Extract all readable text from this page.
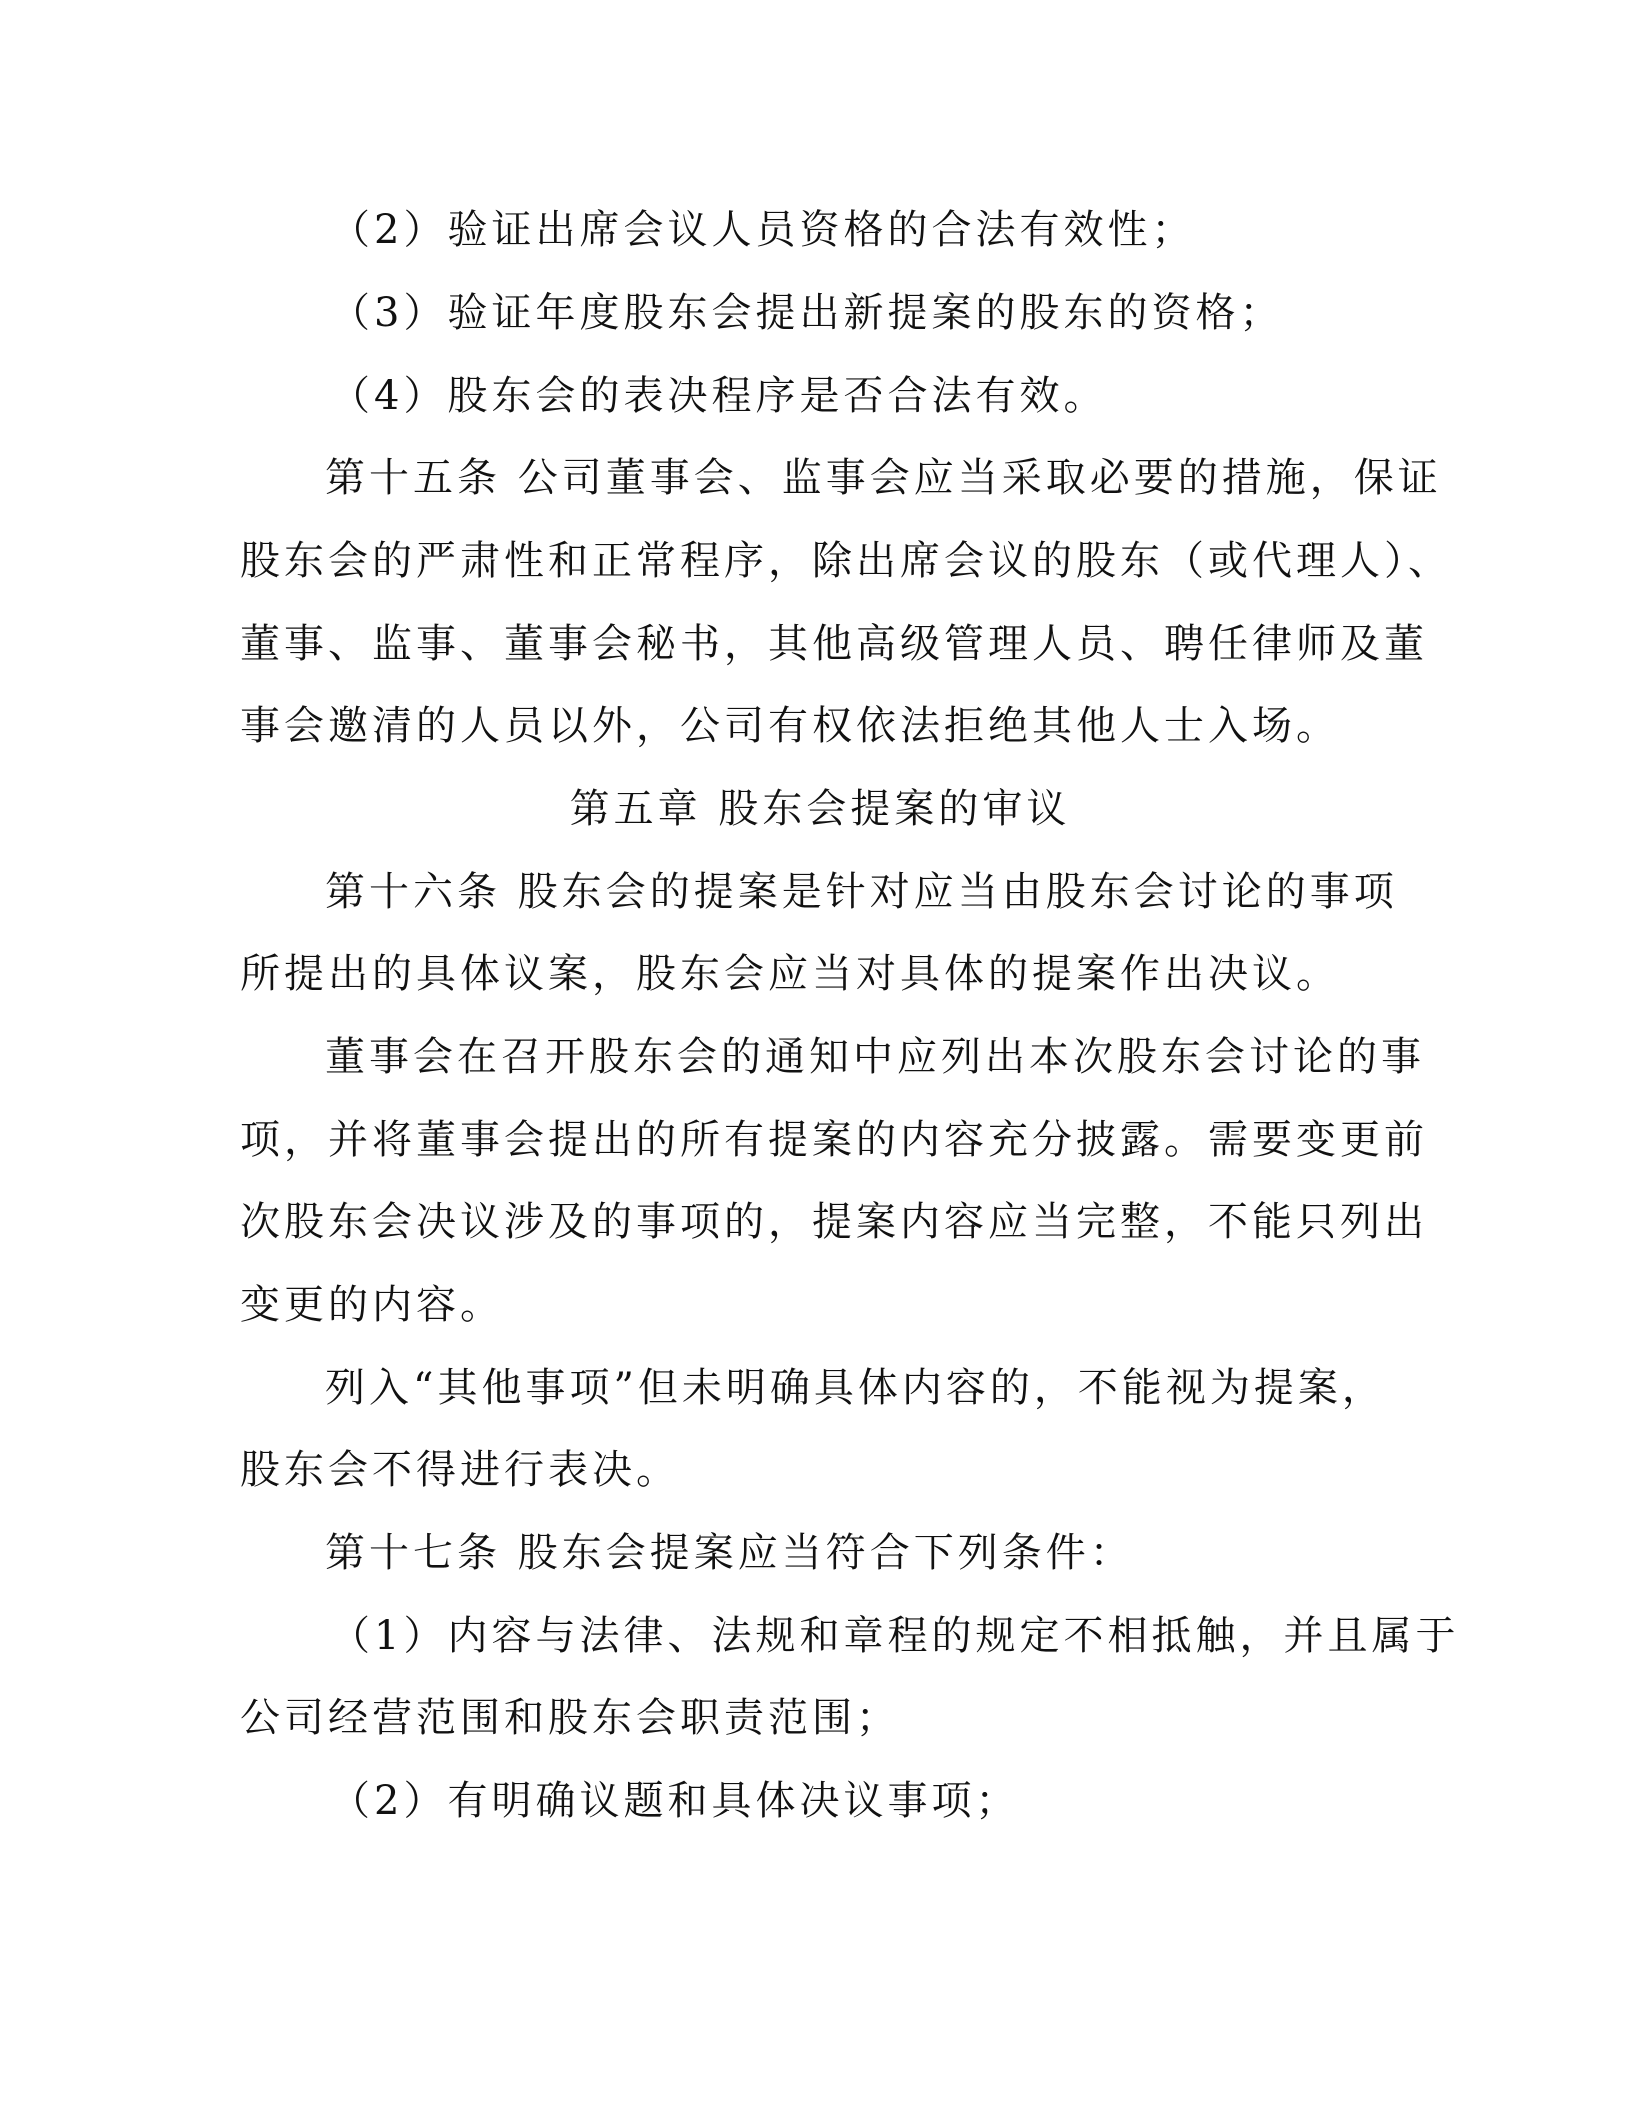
（2）验证出席会议人员资格的合法有效性；
（3）验证年度股东会提出新提案的股东的资格；
（4）股东会的表决程序是否合法有效。
第十五条 公司董事会、监事会应当采取必要的措施，保证
股东会的严肃性和正常程序，除出席会议的股东（或代理人）、
董事、监事、董事会秘书，其他高级管理人员、聘任律师及董
事会邀清的人员以外，公司有权依法拒绝其他人士入场。
第五章 股东会提案的审议
第十六条 股东会的提案是针对应当由股东会讨论的事项
所提出的具体议案，股东会应当对具体的提案作出决议。
董事会在召开股东会的通知中应列出本次股东会讨论的事
项，并将董事会提出的所有提案的内容充分披露。需要变更前
次股东会决议涉及的事项的，提案内容应当完整，不能只列出
变更的内容。
列入“其他事项”但未明确具体内容的，不能视为提案，
股东会不得进行表决。
第十七条 股东会提案应当符合下列条件：
（1）内容与法律、法规和章程的规定不相抵触，并且属于
公司经营范围和股东会职责范围；
（2）有明确议题和具体决议事项；
